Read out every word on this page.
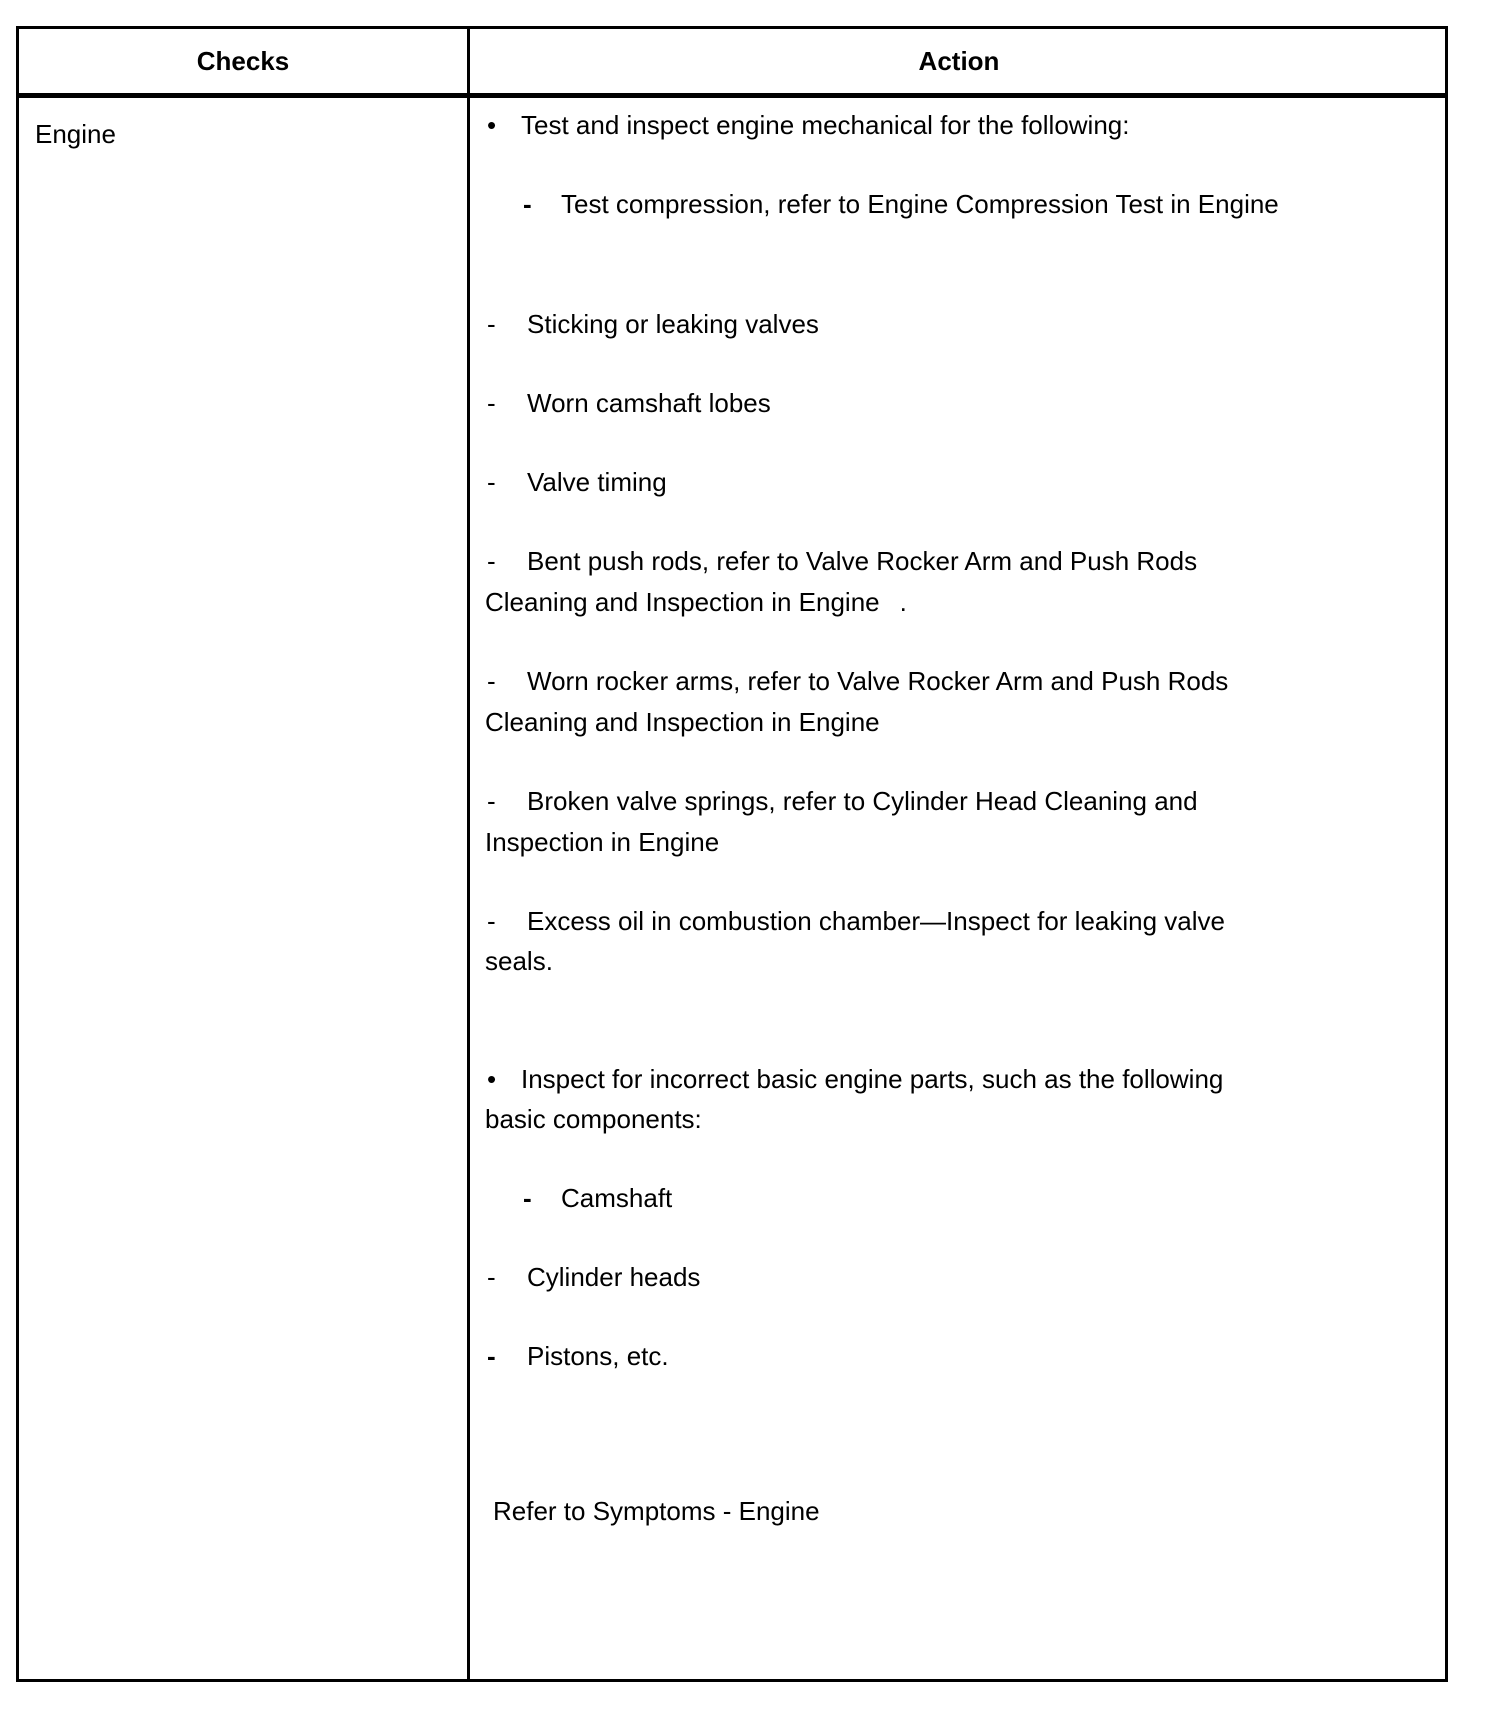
Checks	Action
Engine	• Test and inspect engine mechanical for the following:
- Test compression, refer to Engine Compression Test in Engine
- Sticking or leaking valves
- Worn camshaft lobes
- Valve timing
- Bent push rods, refer to Valve Rocker Arm and Push Rods
Cleaning and Inspection in Engine .
- Worn rocker arms, refer to Valve Rocker Arm and Push Rods
Cleaning and Inspection in Engine
- Broken valve springs, refer to Cylinder Head Cleaning and
Inspection in Engine
- Excess oil in combustion chamber—Inspect for leaking valve
seals.
• Inspect for incorrect basic engine parts, such as the following
basic components:
- Camshaft
- Cylinder heads
- Pistons, etc.
Refer to Symptoms - Engine
